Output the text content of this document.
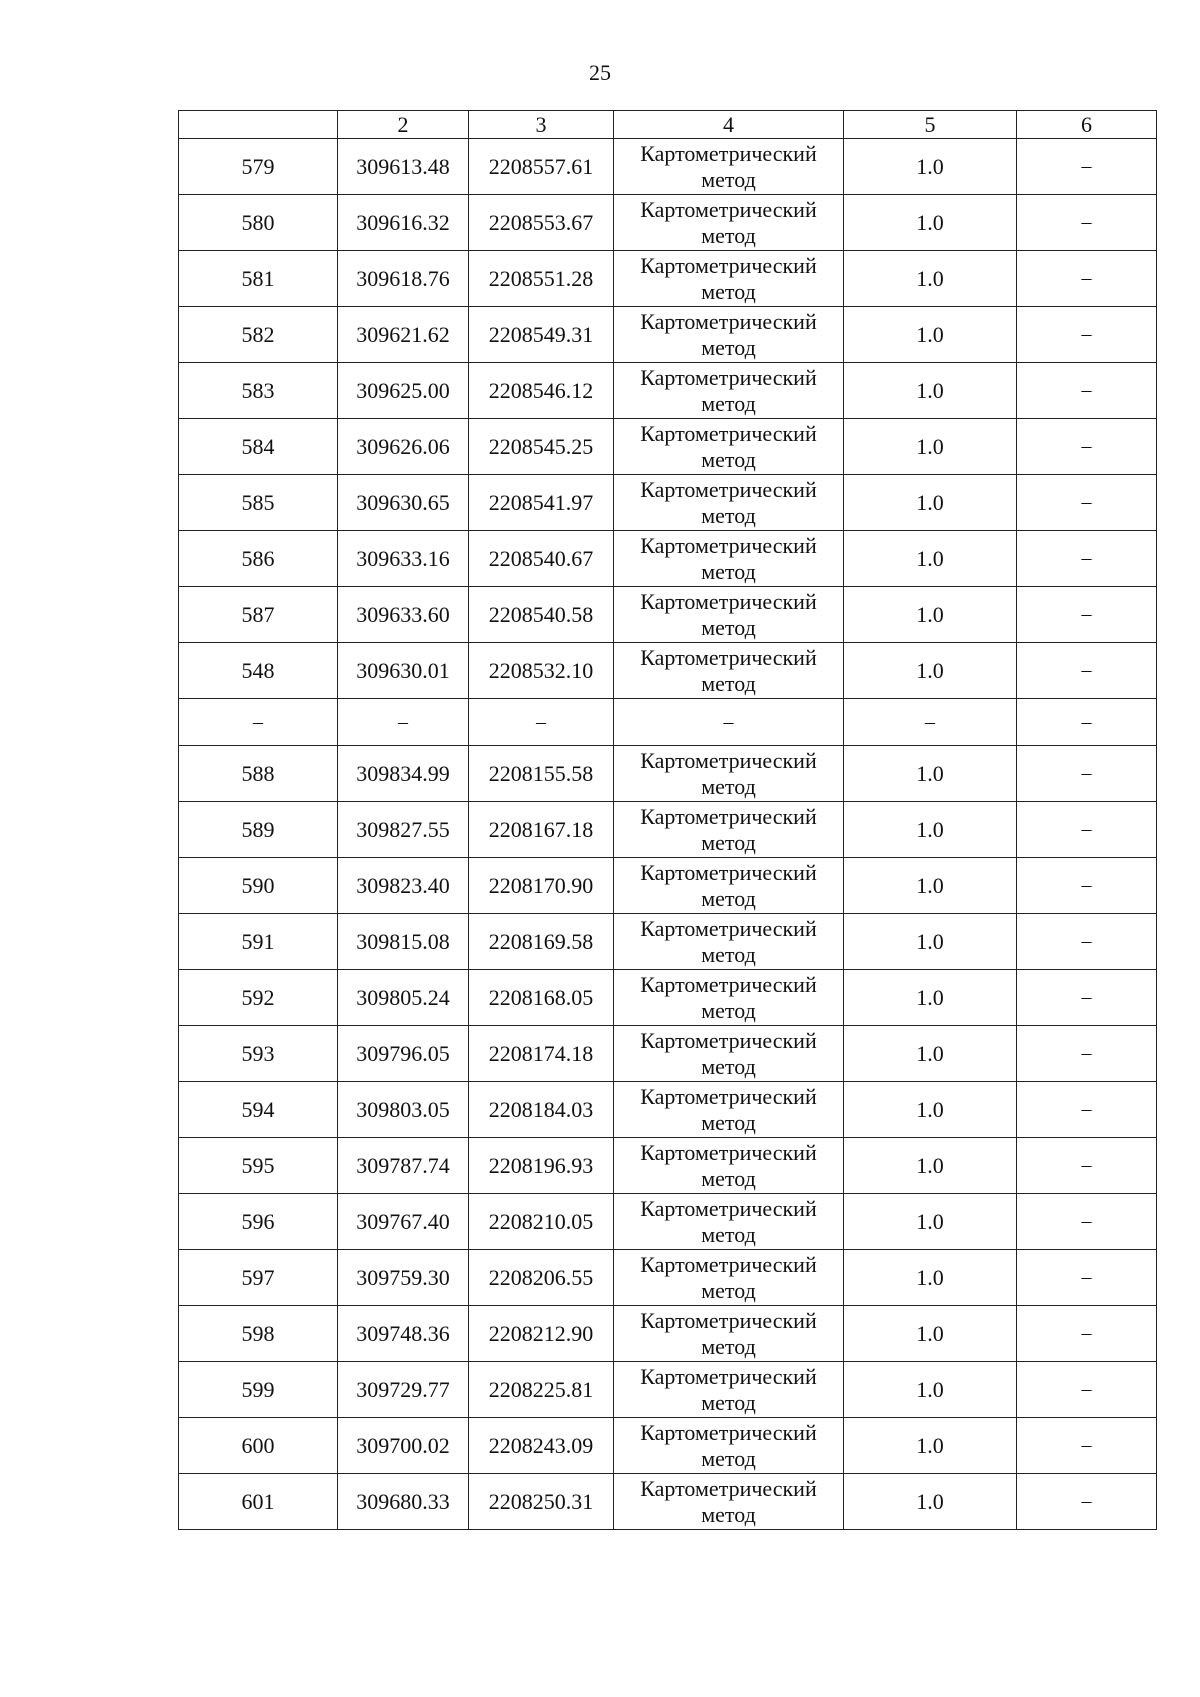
25
	2	3	4	5	6
579	309613.48	2208557.61	Картометрический метод	1.0	–
580	309616.32	2208553.67	Картометрический метод	1.0	–
581	309618.76	2208551.28	Картометрический метод	1.0	–
582	309621.62	2208549.31	Картометрический метод	1.0	–
583	309625.00	2208546.12	Картометрический метод	1.0	–
584	309626.06	2208545.25	Картометрический метод	1.0	–
585	309630.65	2208541.97	Картометрический метод	1.0	–
586	309633.16	2208540.67	Картометрический метод	1.0	–
587	309633.60	2208540.58	Картометрический метод	1.0	–
548	309630.01	2208532.10	Картометрический метод	1.0	–
–	–	–	–	–	–
588	309834.99	2208155.58	Картометрический метод	1.0	–
589	309827.55	2208167.18	Картометрический метод	1.0	–
590	309823.40	2208170.90	Картометрический метод	1.0	–
591	309815.08	2208169.58	Картометрический метод	1.0	–
592	309805.24	2208168.05	Картометрический метод	1.0	–
593	309796.05	2208174.18	Картометрический метод	1.0	–
594	309803.05	2208184.03	Картометрический метод	1.0	–
595	309787.74	2208196.93	Картометрический метод	1.0	–
596	309767.40	2208210.05	Картометрический метод	1.0	–
597	309759.30	2208206.55	Картометрический метод	1.0	–
598	309748.36	2208212.90	Картометрический метод	1.0	–
599	309729.77	2208225.81	Картометрический метод	1.0	–
600	309700.02	2208243.09	Картометрический метод	1.0	–
601	309680.33	2208250.31	Картометрический метод	1.0	–
